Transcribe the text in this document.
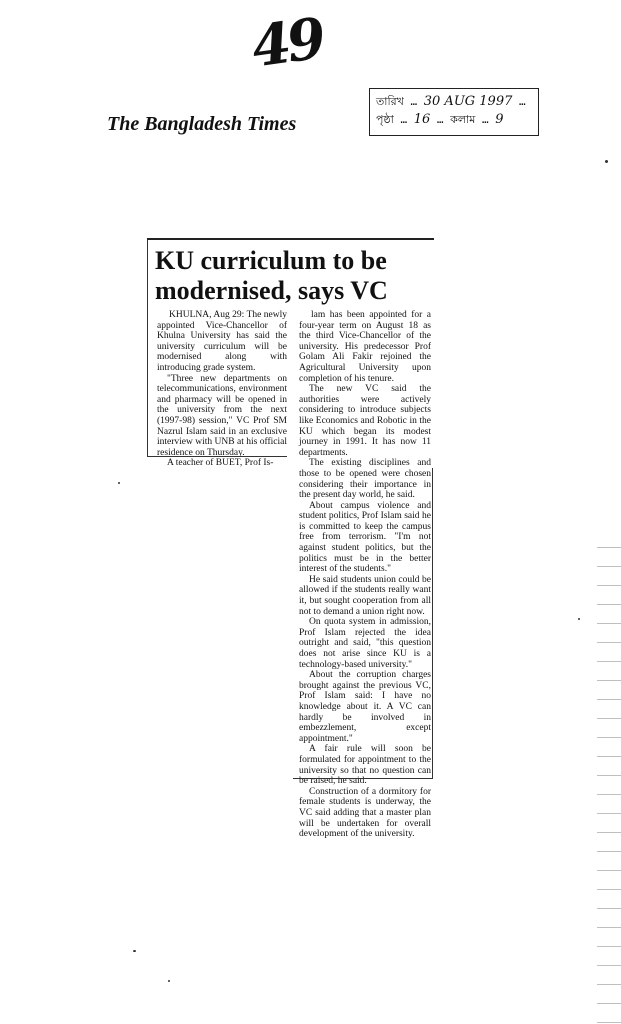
49
The Bangladesh Times
তারিখ … 30 AUG 1997 …
পৃষ্ঠা … 16 … কলাম … 9
KU curriculum to be modernised, says VC

KHULNA, Aug 29: The newly appointed Vice-Chancellor of Khulna University has said the university curriculum will be modernised along with introducing grade system.

"Three new departments on telecommunications, environment and pharmacy will be opened in the university from the next (1997-98) session," VC Prof SM Nazrul Islam said in an exclusive interview with UNB at his official residence on Thursday.

A teacher of BUET, Prof Is-

lam has been appointed for a four-year term on August 18 as the third Vice-Chancellor of the university. His predecessor Prof Golam Ali Fakir rejoined the Agricultural University upon completion of his tenure.

The new VC said the authorities were actively considering to introduce subjects like Economics and Robotic in the KU which began its modest journey in 1991. It has now 11 departments.

The existing disciplines and those to be opened were chosen considering their importance in the present day world, he said.

About campus violence and student politics, Prof Islam said he is committed to keep the campus free from terrorism. "I'm not against student politics, but the politics must be in the better interest of the students."

He said students union could be allowed if the students really want it, but sought cooperation from all not to demand a union right now.

On quota system in admission, Prof Islam rejected the idea outright and said, "this question does not arise since KU is a technology-based university."

About the corruption charges brought against the previous VC, Prof Islam said: I have no knowledge about it. A VC can hardly be involved in embezzlement, except appointment."

A fair rule will soon be formulated for appointment to the university so that no question can be raised, he said.

Construction of a dormitory for female students is underway, the VC said adding that a master plan will be undertaken for overall development of the university.
